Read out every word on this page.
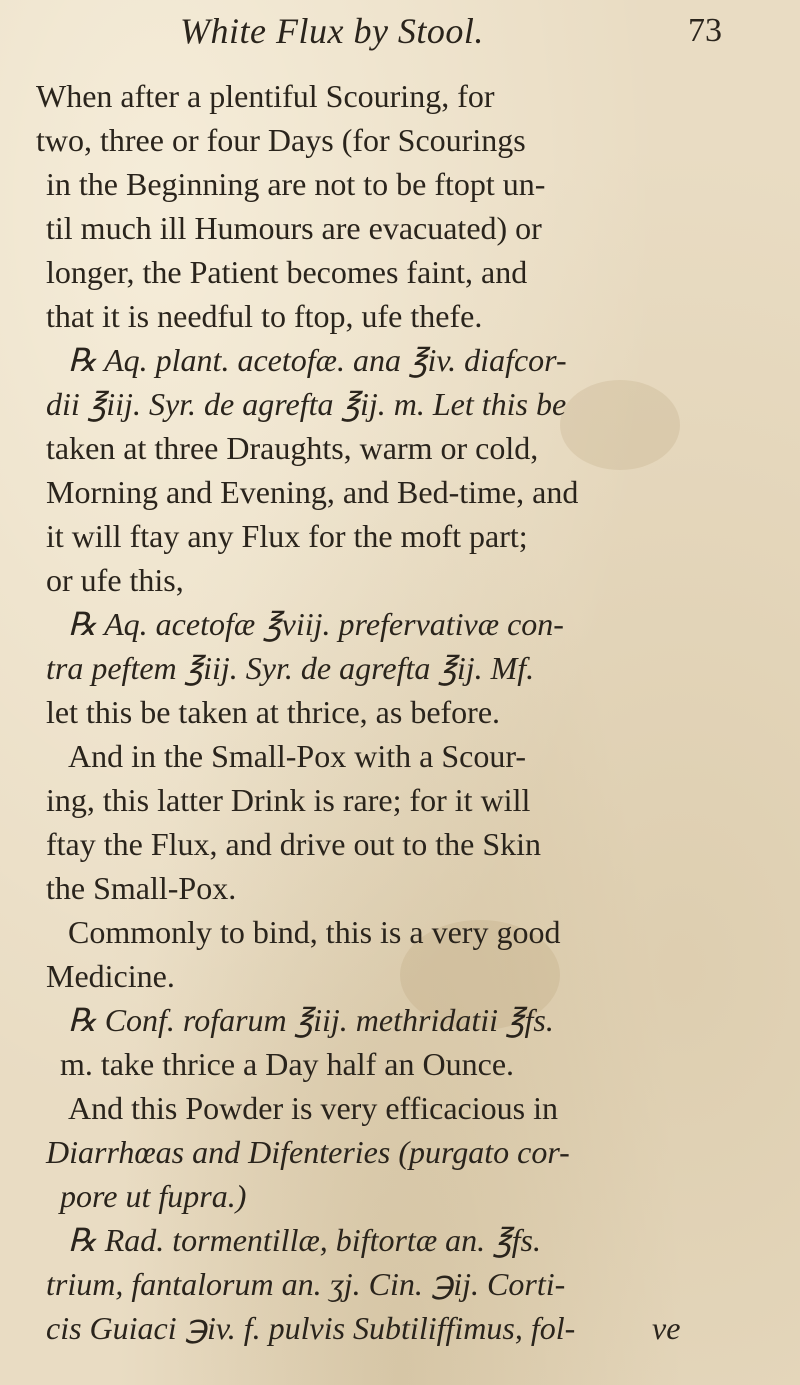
White Flux by Stool.	73
When after a plentiful Scouring, for
two, three or four Days (for Scourings
in the Beginning are not to be ftopt un-
til much ill Humours are evacuated) or
longer, the Patient becomes faint, and
that it is needful to ftop, ufe thefe.
℞ Aq. plant. acetofæ. ana ℥iv. diafcor-
dii ℥iij. Syr. de agrefta ℥ij. m. Let this be
taken at three Draughts, warm or cold,
Morning and Evening, and Bed-time, and
it will ftay any Flux for the moft part;
or ufe this,
℞ Aq. acetofæ ℥viij. prefervativæ con-
tra peftem ℥iij. Syr. de agrefta ℥ij. Mf.
let this be taken at thrice, as before.
And in the Small-Pox with a Scour-
ing, this latter Drink is rare; for it will
ftay the Flux, and drive out to the Skin
the Small-Pox.
Commonly to bind, this is a very good
Medicine.
℞ Conf. rofarum ℥iij. methridatii ℥fs.
m. take thrice a Day half an Ounce.
And this Powder is very efficacious in
Diarrhœas and Difenteries (purgato cor-
pore ut fupra.)
℞ Rad. tormentillæ, biftortæ an. ℥fs.
trium, fantalorum an. ʒj. Cin. ℈ij. Corti-
cis Guiaci ℈iv. f. pulvis Subtiliffimus, fol- ve
